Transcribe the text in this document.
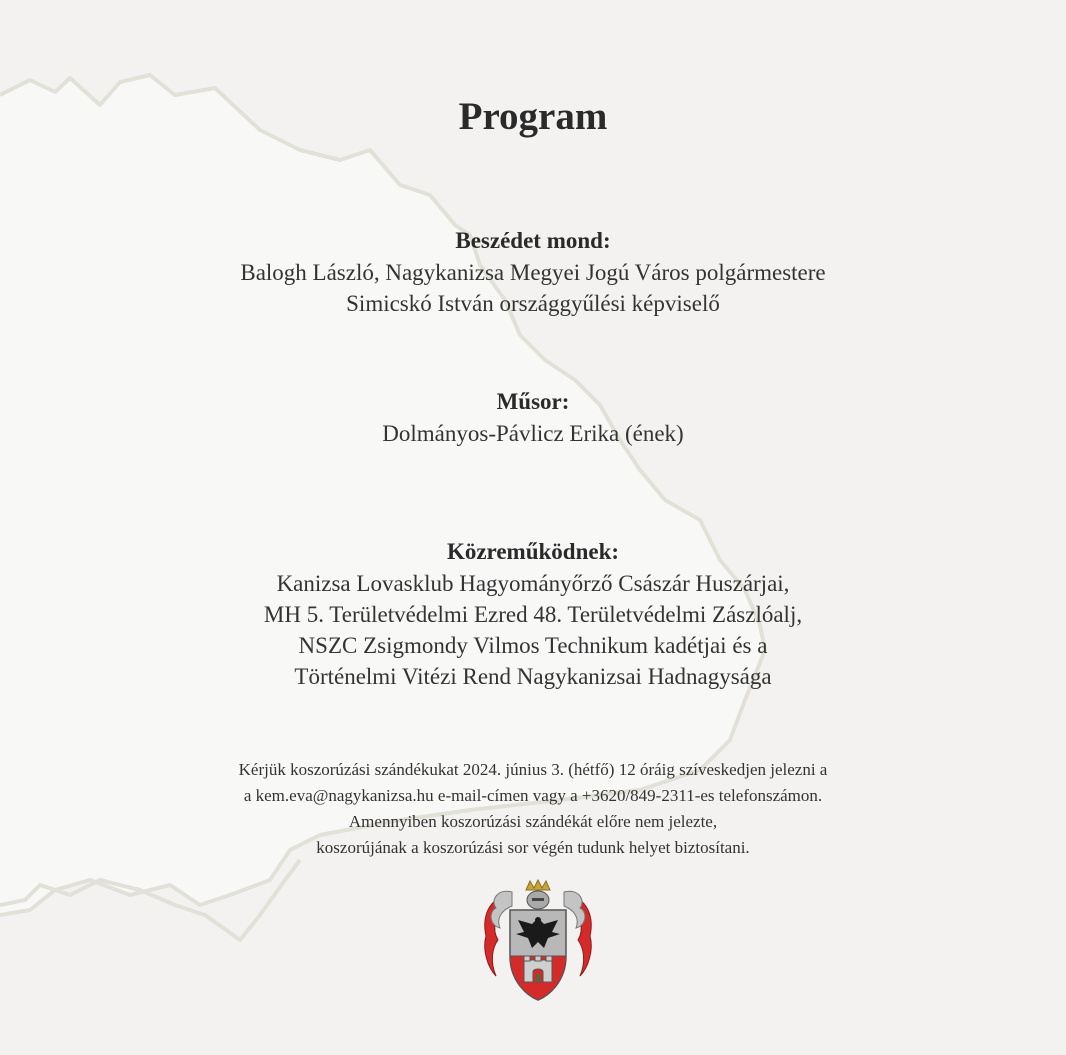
Program
Beszédet mond:
Balogh László, Nagykanizsa Megyei Jogú Város polgármestere
Simicskó István országgyűlési képviselő
Műsor:
Dolmányos-Pávlicz Erika (ének)
Közreműködnek:
Kanizsa Lovasklub Hagyományőrző Császár Huszárjai,
MH 5. Területvédelmi Ezred 48. Területvédelmi Zászlóalj,
NSZC Zsigmondy Vilmos Technikum kadétjai és a
Történelmi Vitézi Rend Nagykanizsai Hadnagysága
Kérjük koszorúzási szándékukat 2024. június 3. (hétfő) 12 óráig szíveskedjen jelezni a
a kem.eva@nagykanizsa.hu e-mail-címen vagy a +3620/849-2311-es telefonszámon.
Amennyiben koszorúzási szándékát előre nem jelezte,
koszorújának a koszorúzási sor végén tudunk helyet biztosítani.
